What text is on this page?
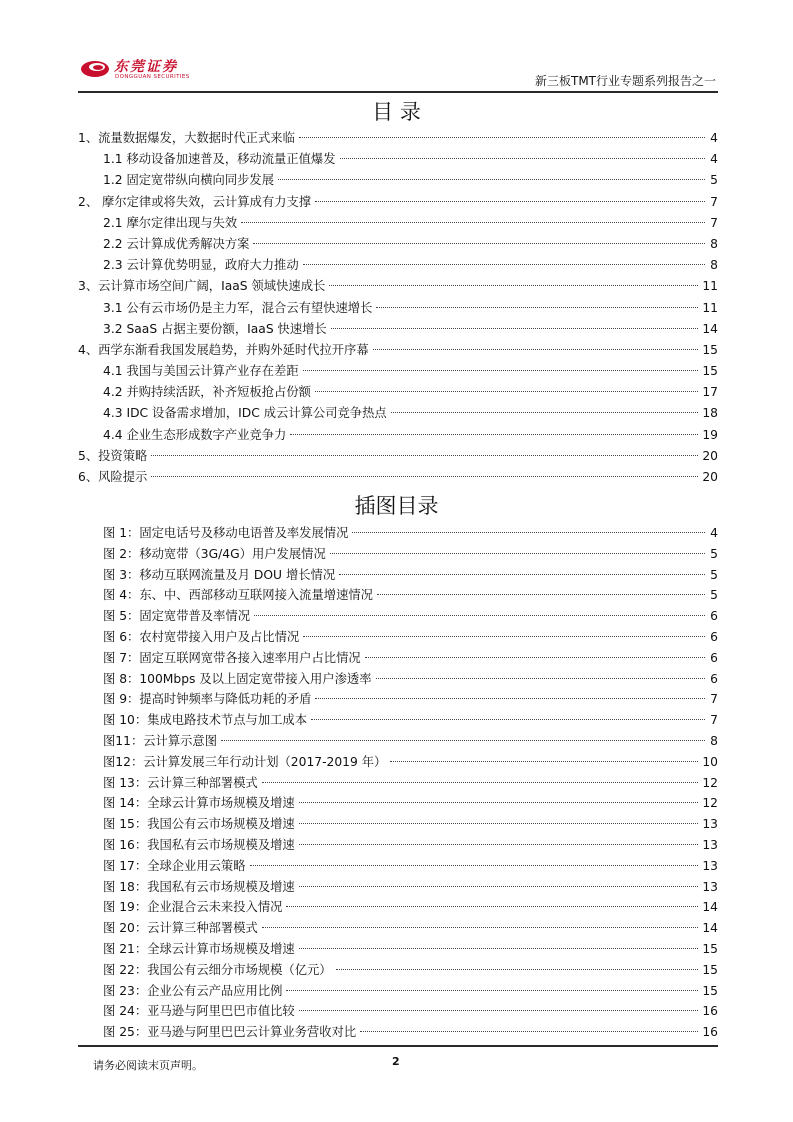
东莞证券
DONGGUAN SECURITIES	新三板TMT行业专题系列报告之一
目 录
1、流量数据爆发，大数据时代正式来临	4
1.1 移动设备加速普及，移动流量正值爆发	4
1.2 固定宽带纵向横向同步发展	5
2、 摩尔定律或将失效，云计算成有力支撑	7
2.1 摩尔定律出现与失效	7
2.2 云计算成优秀解决方案	8
2.3 云计算优势明显，政府大力推动	8
3、云计算市场空间广阔，IaaS 领域快速成长	11
3.1 公有云市场仍是主力军，混合云有望快速增长	11
3.2 SaaS 占据主要份额，IaaS 快速增长	14
4、西学东渐看我国发展趋势，并购外延时代拉开序幕	15
4.1 我国与美国云计算产业存在差距	15
4.2 并购持续活跃，补齐短板抢占份额	17
4.3 IDC 设备需求增加，IDC 成云计算公司竞争热点	18
4.4 企业生态形成数字产业竞争力	19
5、投资策略	20
6、风险提示	20
插图目录
图 1：固定电话号及移动电语普及率发展情况	4
图 2：移动宽带（3G/4G）用户发展情况	5
图 3：移动互联网流量及月 DOU 增长情况	5
图 4：东、中、西部移动互联网接入流量增速情况	5
图 5：固定宽带普及率情况	6
图 6：农村宽带接入用户及占比情况	6
图 7：固定互联网宽带各接入速率用户占比情况	6
图 8：100Mbps 及以上固定宽带接入用户渗透率	6
图 9：提高时钟频率与降低功耗的矛盾	7
图 10：集成电路技术节点与加工成本	7
图11：云计算示意图	8
图12：云计算发展三年行动计划（2017-2019 年）	10
图 13：云计算三种部署模式	12
图 14：全球云计算市场规模及增速	12
图 15：我国公有云市场规模及增速	13
图 16：我国私有云市场规模及增速	13
图 17：全球企业用云策略	13
图 18：我国私有云市场规模及增速	13
图 19：企业混合云未来投入情况	14
图 20：云计算三种部署模式	14
图 21：全球云计算市场规模及增速	15
图 22：我国公有云细分市场规模（亿元）	15
图 23：企业公有云产品应用比例	15
图 24：亚马逊与阿里巴巴市值比较	16
图 25：亚马逊与阿里巴巴云计算业务营收对比	16
请务必阅读末页声明。	2
